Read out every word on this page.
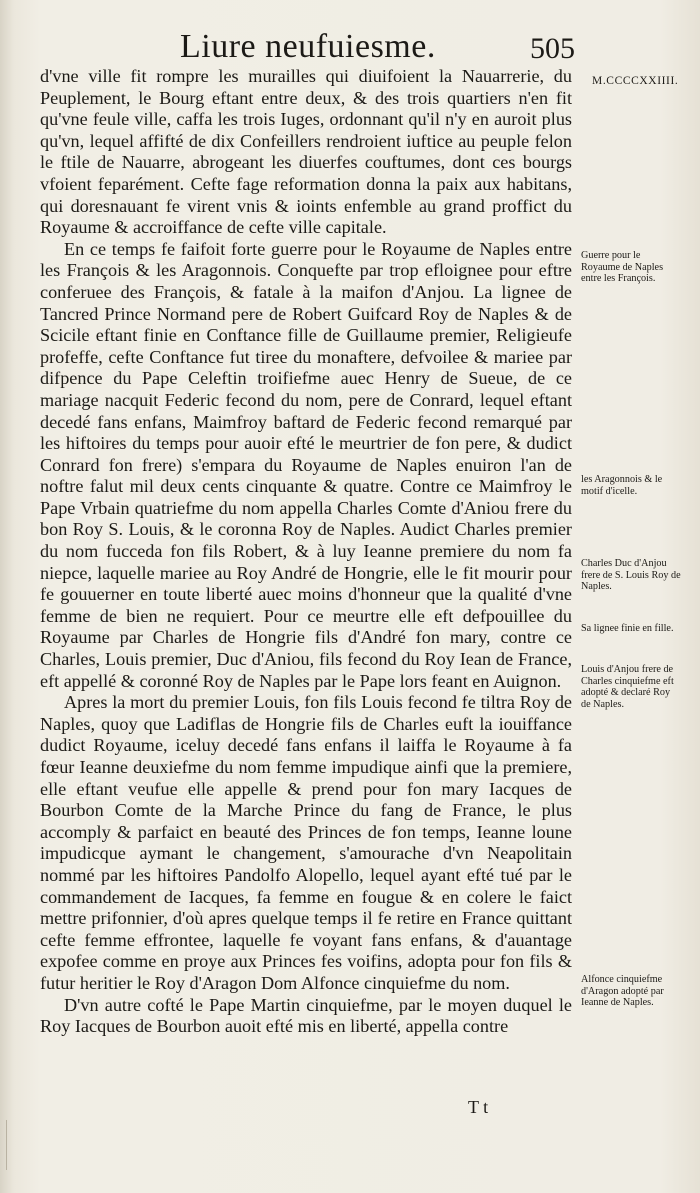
Liure neufuiesme.	505
M.CCCCXXIIII.

d'vne ville fit rompre les murailles qui diuifoient la Nauarrerie, du Peuplement, le Bourg eftant entre deux, & des trois quartiers n'en fit qu'vne feule ville, caffa les trois Iuges, ordonnant qu'il n'y en auroit plus qu'vn, lequel affifté de dix Confeillers rendroient iuftice au peuple felon le ftile de Nauarre, abrogeant les diuerfes couftumes, dont ces bourgs vfoient feparément. Cefte fage reformation donna la paix aux habitans, qui doresnauant fe virent vnis & ioints enfemble au grand proffict du Royaume & accroiffance de cefte ville capitale.

En ce temps fe faifoit forte guerre pour le Royaume de Naples entre les François & les Aragonnois. Conquefte par trop efloignee pour eftre conferuee des François, & fatale à la maifon d'Anjou. La lignee de Tancred Prince Normand pere de Robert Guifcard Roy de Naples & de Scicile eftant finie en Conftance fille de Guillaume premier, Religieufe profeffe, cefte Conftance fut tiree du monaftere, defvoilee & mariee par difpence du Pape Celeftin troifiefme auec Henry de Sueue, de ce mariage nacquit Federic fecond du nom, pere de Conrard, lequel eftant decedé fans enfans, Maimfroy baftard de Federic fecond remarqué par les hiftoires du temps pour auoir efté le meurtrier de fon pere, & dudict Conrard fon frere) s'empara du Royaume de Naples enuiron l'an de noftre falut mil deux cents cinquante & quatre. Contre ce Maimfroy le Pape Vrbain quatriefme du nom appella Charles Comte d'Aniou frere du bon Roy S. Louis, & le coronna Roy de Naples. Audict Charles premier du nom fucceda fon fils Robert, & à luy Ieanne premiere du nom fa niepce, laquelle mariee au Roy André de Hongrie, elle le fit mourir pour fe gouuerner en toute liberté auec moins d'honneur que la qualité d'vne femme de bien ne requiert. Pour ce meurtre elle eft defpouillee du Royaume par Charles de Hongrie fils d'André fon mary, contre ce Charles, Louis premier, Duc d'Aniou, fils fecond du Roy Iean de France, eft appellé & coronné Roy de Naples par le Pape lors feant en Auignon.

Apres la mort du premier Louis, fon fils Louis fecond fe tiltra Roy de Naples, quoy que Ladiflas de Hongrie fils de Charles euft la iouiffance dudict Royaume, iceluy decedé fans enfans il laiffa le Royaume à fa fœur Ieanne deuxiefme du nom femme impudique ainfi que la premiere, elle eftant veufue elle appelle & prend pour fon mary Iacques de Bourbon Comte de la Marche Prince du fang de France, le plus accomply & parfaict en beauté des Princes de fon temps, Ieanne loune impudicque aymant le changement, s'amourache d'vn Neapolitain nommé par les hiftoires Pandolfo Alopello, lequel ayant efté tué par le commandement de Iacques, fa femme en fougue & en colere le faict mettre prifonnier, d'où apres quelque temps il fe retire en France quittant cefte femme effrontee, laquelle fe voyant fans enfans, & d'auantage expofee comme en proye aux Princes fes voifins, adopta pour fon fils & futur heritier le Roy d'Aragon Dom Alfonce cinquiefme du nom.

D'vn autre cofté le Pape Martin cinquiefme, par le moyen duquel le Roy Iacques de Bourbon auoit efté mis en liberté, appella contre

Guerre pour le Royaume de Naples entre les François.
les Aragonnois & le motif d'icelle.
Charles Duc d'Anjou frere de S. Louis Roy de Naples.
Sa lignee finie en fille.
Louis d'Anjou frere de Charles cinquiefme eft adopté & declaré Roy de Naples.
Alfonce cinquiefme d'Aragon adopté par Ieanne de Naples.
T t
